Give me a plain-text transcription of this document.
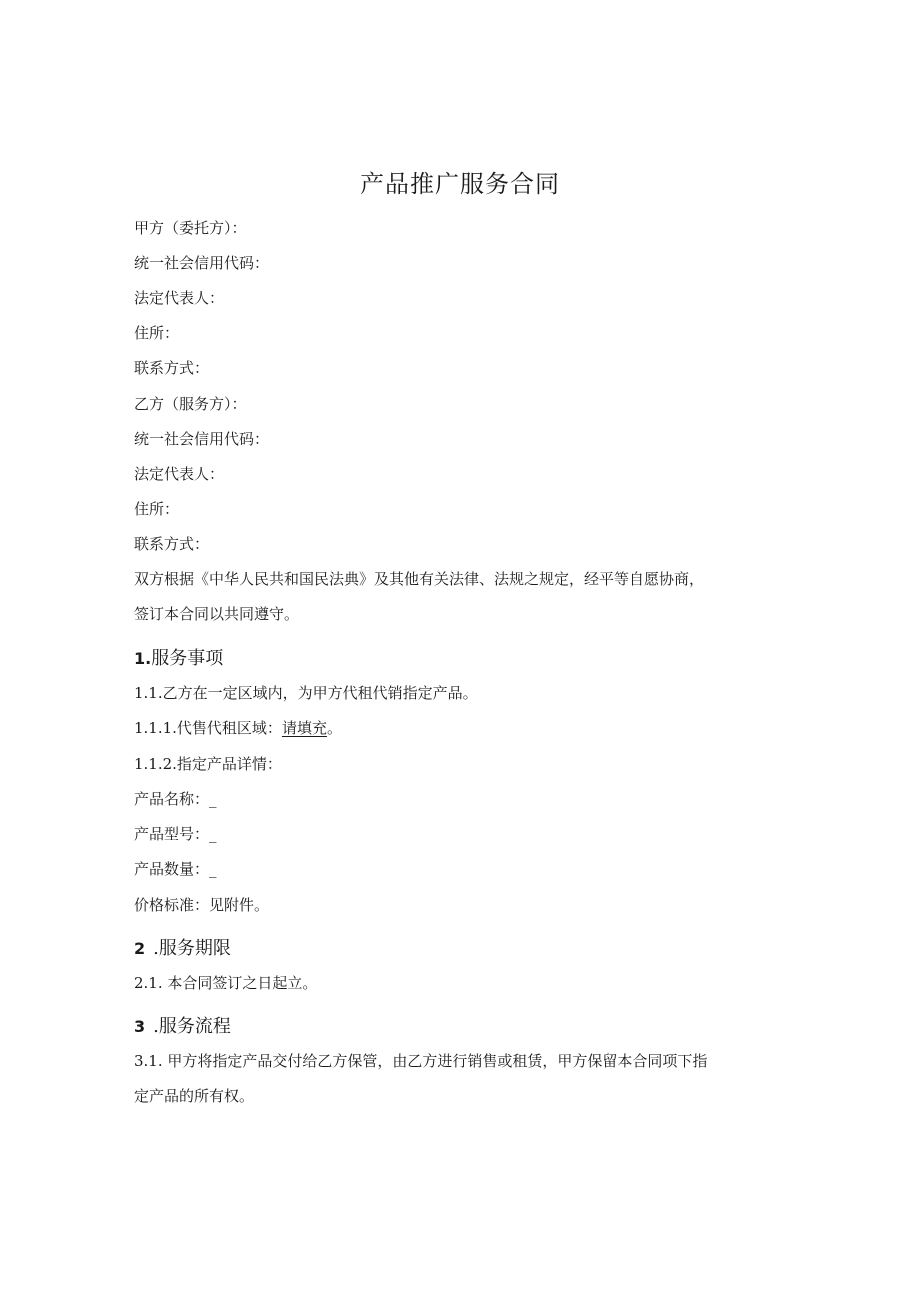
产品推广服务合同
甲方（委托方）：
统一社会信用代码：
法定代表人：
住所：
联系方式：
乙方（服务方）：
统一社会信用代码：
法定代表人：
住所：
联系方式：
双方根据《中华人民共和国民法典》及其他有关法律、法规之规定，经平等自愿协商，
签订本合同以共同遵守。
1.服务事项
1.1.乙方在一定区域内，为甲方代租代销指定产品。
1.1.1.代售代租区域：请填充。
1.1.2.指定产品详情：
产品名称：_
产品型号：_
产品数量：_
价格标准：见附件。
2 .服务期限
2.1. 本合同签订之日起立。
3 .服务流程
3.1. 甲方将指定产品交付给乙方保管，由乙方进行销售或租赁，甲方保留本合同项下指
定产品的所有权。
